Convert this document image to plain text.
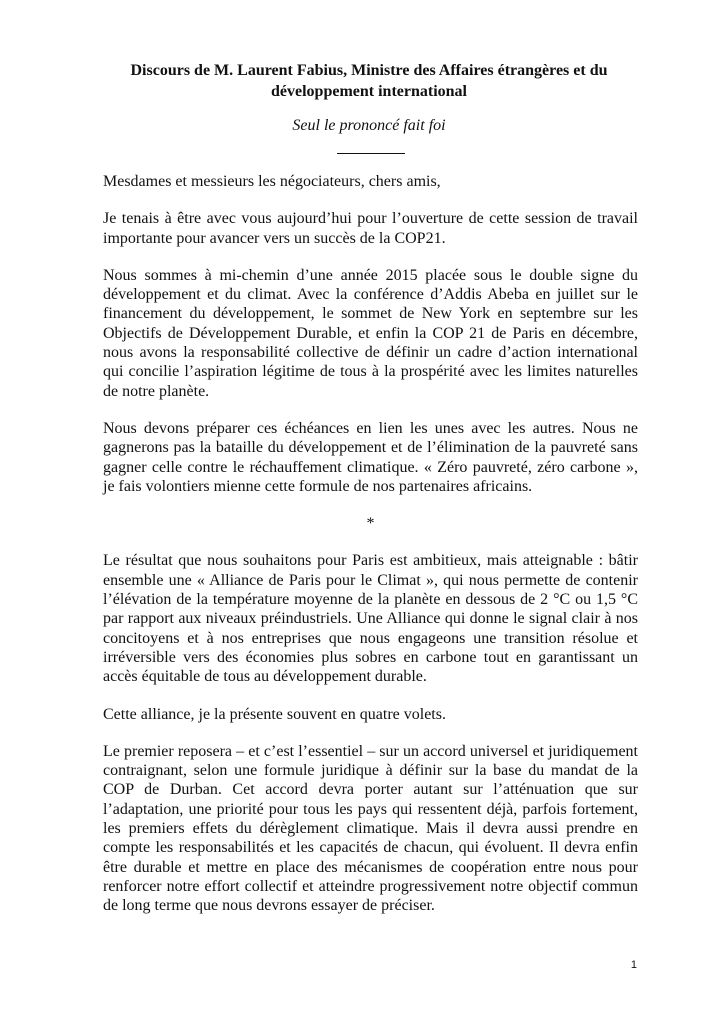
Discours de M. Laurent Fabius, Ministre des Affaires étrangères et du développement international
Seul le prononcé fait foi

Mesdames et messieurs les négociateurs, chers amis,

Je tenais à être avec vous aujourd’hui pour l’ouverture de cette session de travail importante pour avancer vers un succès de la COP21.

Nous sommes à mi-chemin d’une année 2015 placée sous le double signe du développement et du climat. Avec la conférence d’Addis Abeba en juillet sur le financement du développement, le sommet de New York en septembre sur les Objectifs de Développement Durable, et enfin la COP 21 de Paris en décembre, nous avons la responsabilité collective de définir un cadre d’action international qui concilie l’aspiration légitime de tous à la prospérité avec les limites naturelles de notre planète.

Nous devons préparer ces échéances en lien les unes avec les autres. Nous ne gagnerons pas la bataille du développement et de l’élimination de la pauvreté sans gagner celle contre le réchauffement climatique. « Zéro pauvreté, zéro carbone », je fais volontiers mienne cette formule de nos partenaires africains.

*

Le résultat que nous souhaitons pour Paris est ambitieux, mais atteignable : bâtir ensemble une « Alliance de Paris pour le Climat », qui nous permette de contenir l’élévation de la température moyenne de la planète en dessous de 2 °C ou 1,5 °C par rapport aux niveaux préindustriels. Une Alliance qui donne le signal clair à nos concitoyens et à nos entreprises que nous engageons une transition résolue et irréversible vers des économies plus sobres en carbone tout en garantissant un accès équitable de tous au développement durable.

Cette alliance, je la présente souvent en quatre volets.

Le premier reposera – et c’est l’essentiel – sur un accord universel et juridiquement contraignant, selon une formule juridique à définir sur la base du mandat de la COP de Durban. Cet accord devra porter autant sur l’atténuation que sur l’adaptation, une priorité pour tous les pays qui ressentent déjà, parfois fortement, les premiers effets du dérèglement climatique. Mais il devra aussi prendre en compte les responsabilités et les capacités de chacun, qui évoluent. Il devra enfin être durable et mettre en place des mécanismes de coopération entre nous pour renforcer notre effort collectif et atteindre progressivement notre objectif commun de long terme que nous devrons essayer de préciser.

1
